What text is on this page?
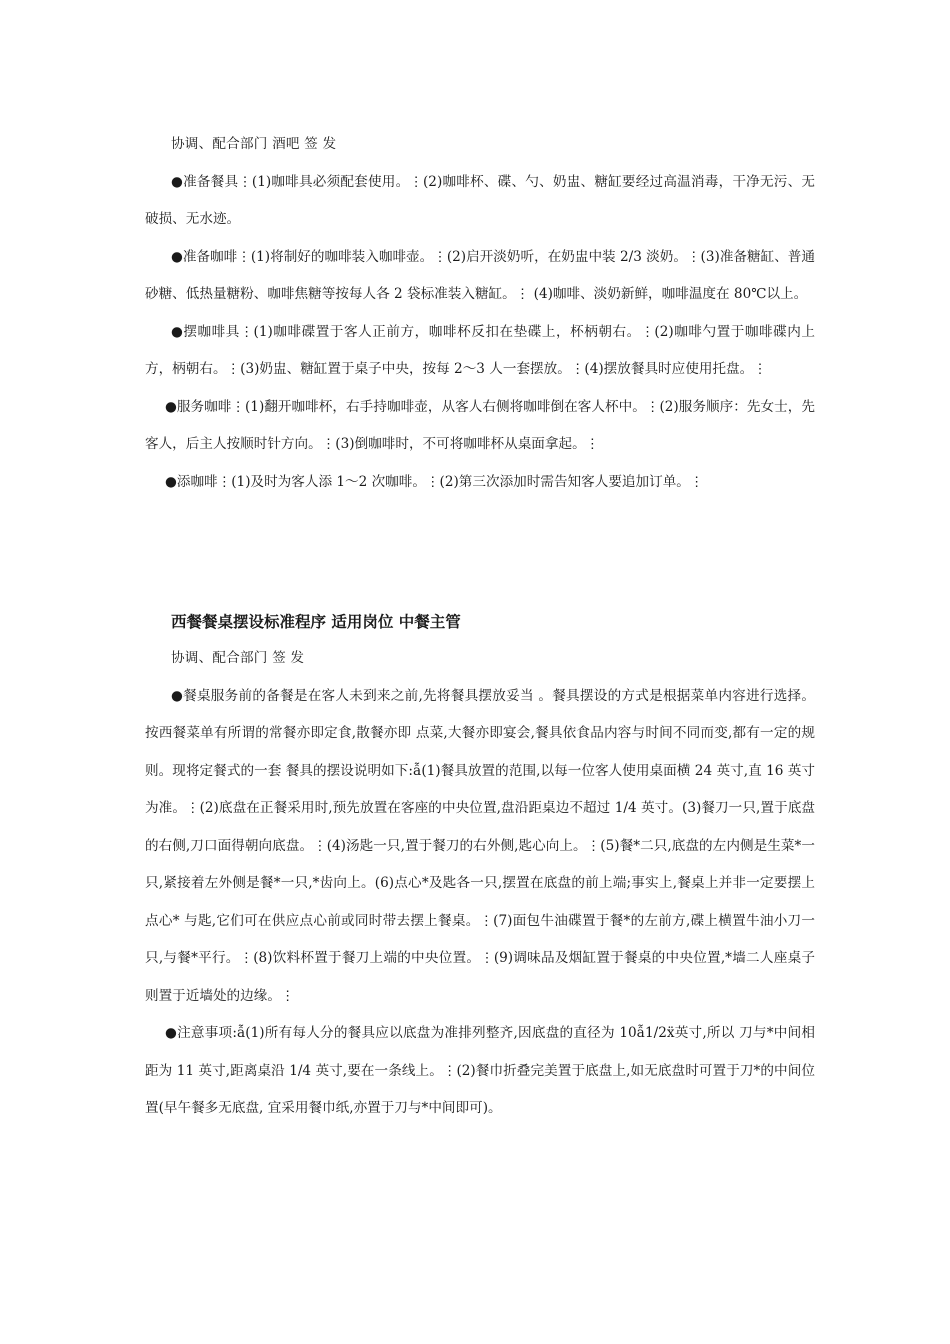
协调、配合部门 酒吧 签 发

●准备餐具⋮(1)咖啡具必须配套使用。⋮(2)咖啡杯、碟、勺、奶盅、糖缸要经过高温消毒，干净无污、无破损、无水迹。

●准备咖啡⋮(1)将制好的咖啡装入咖啡壶。⋮(2)启开淡奶听，在奶盅中装 2/3 淡奶。⋮(3)准备糖缸、普通砂糖、低热量糖粉、咖啡焦糖等按每人各 2 袋标准装入糖缸。⋮ (4)咖啡、淡奶新鲜，咖啡温度在 80℃以上。

●摆咖啡具⋮(1)咖啡碟置于客人正前方，咖啡杯反扣在垫碟上，杯柄朝右。⋮(2)咖啡勺置于咖啡碟内上方，柄朝右。⋮(3)奶盅、糖缸置于桌子中央，按每 2～3 人一套摆放。⋮(4)摆放餐具时应使用托盘。⋮

●服务咖啡⋮(1)翻开咖啡杯，右手持咖啡壶，从客人右侧将咖啡倒在客人杯中。⋮(2)服务顺序：先女士，先客人，后主人按顺时针方向。⋮(3)倒咖啡时，不可将咖啡杯从桌面拿起。⋮

●添咖啡⋮(1)及时为客人添 1～2 次咖啡。⋮(2)第三次添加时需告知客人要追加订单。⋮

西餐餐桌摆设标准程序 适用岗位 中餐主管

协调、配合部门 签 发

●餐桌服务前的备餐是在客人未到来之前,先将餐具摆放妥当 。餐具摆设的方式是根据菜单内容进行选择。按西餐菜单有所谓的常餐亦即定食,散餐亦即 点菜,大餐亦即宴会,餐具依食品内容与时间不同而变,都有一定的规则。现将定餐式的一套 餐具的摆设说明如下:ẫ(1)餐具放置的范围,以每一位客人使用桌面横 24 英寸,直 16 英寸为准。⋮(2)底盘在正餐采用时,预先放置在客座的中央位置,盘沿距桌边不超过 1/4 英寸。(3)餐刀一只,置于底盘的右侧,刀口面得朝向底盘。⋮(4)汤匙一只,置于餐刀的右外侧,匙心向上。⋮(5)餐*二只,底盘的左内侧是生菜*一只,紧接着左外侧是餐*一只,*齿向上。(6)点心*及匙各一只,摆置在底盘的前上端;事实上,餐桌上并非一定要摆上点心* 与匙,它们可在供应点心前或同时带去摆上餐桌。⋮(7)面包牛油碟置于餐*的左前方,碟上横置牛油小刀一只,与餐*平行。⋮(8)饮料杯置于餐刀上端的中央位置。⋮(9)调味品及烟缸置于餐桌的中央位置,*墙二人座桌子则置于近墙处的边缘。⋮

●注意事项:ẫ(1)所有每人分的餐具应以底盘为准排列整齐,因底盘的直径为 10ẫ1/2ẍ英寸,所以 刀与*中间相距为 11 英寸,距离桌沿 1/4 英寸,要在一条线上。⋮(2)餐巾折叠完美置于底盘上,如无底盘时可置于刀*的中间位置(早午餐多无底盘, 宜采用餐巾纸,亦置于刀与*中间即可)。
